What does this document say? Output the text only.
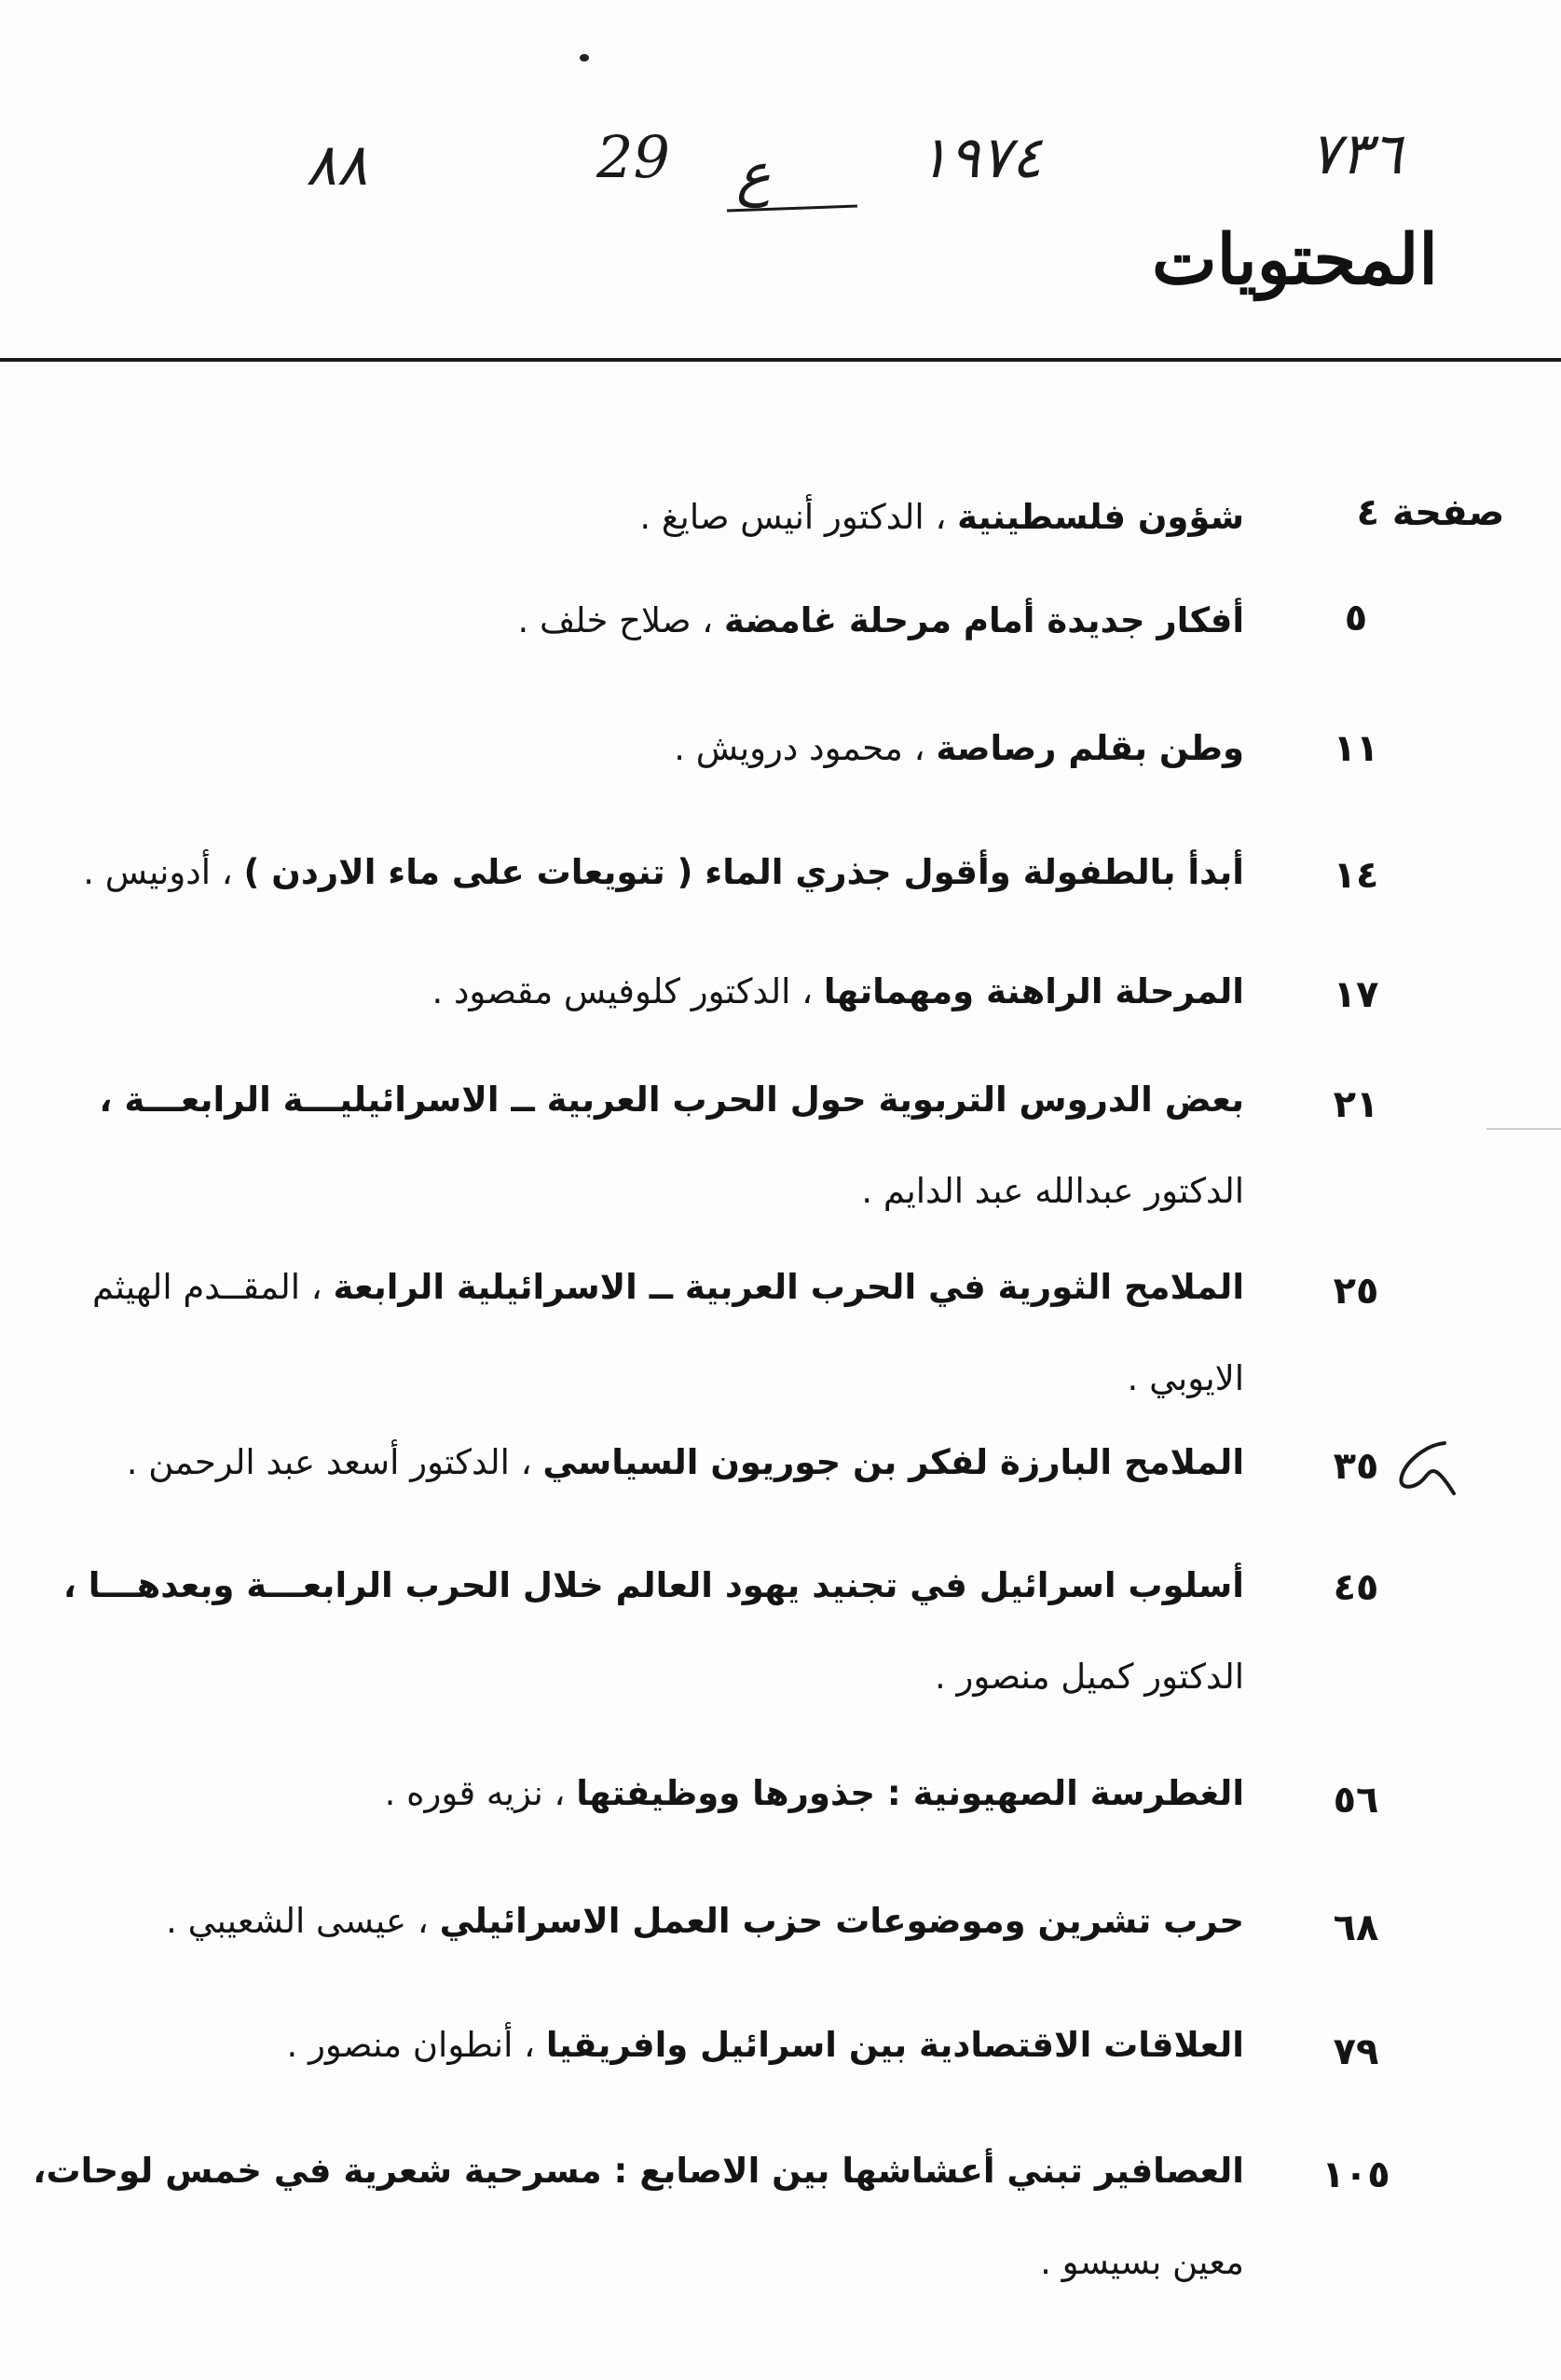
٧٣٦
١٩٧٤
ع
29
٨٨
المحتويات
صفحة ٤
شؤون فلسطينية ، الدكتور أنيس صايغ .
٥
أفكار جديدة أمام مرحلة غامضة ، صلاح خلف .
١١
وطن بقلم رصاصة ، محمود درويش .
١٤
أبدأ بالطفولة وأقول جذري الماء ( تنويعات على ماء الاردن ) ، أدونيس .
١٧
المرحلة الراهنة ومهماتها ، الدكتور كلوفيس مقصود .
٢١
بعض الدروس التربوية حول الحرب العربية ــ الاسرائيليـــة الرابعـــة ،
الدكتور عبدالله عبد الدايم .
٢٥
الملامح الثورية في الحرب العربية ــ الاسرائيلية الرابعة ، المقــدم الهيثم
الايوبي .
٣٥
الملامح البارزة لفكر بن جوريون السياسي ، الدكتور أسعد عبد الرحمن .
٤٥
أسلوب اسرائيل في تجنيد يهود العالم خلال الحرب الرابعـــة وبعدهـــا ،
الدكتور كميل منصور .
٥٦
الغطرسة الصهيونية : جذورها ووظيفتها ، نزيه قوره .
٦٨
حرب تشرين وموضوعات حزب العمل الاسرائيلي ، عيسى الشعيبي .
٧٩
العلاقات الاقتصادية بين اسرائيل وافريقيا ، أنطوان منصور .
١٠٥
العصافير تبني أعشاشها بين الاصابع : مسرحية شعرية في خمس لوحات،
معين بسيسو .
